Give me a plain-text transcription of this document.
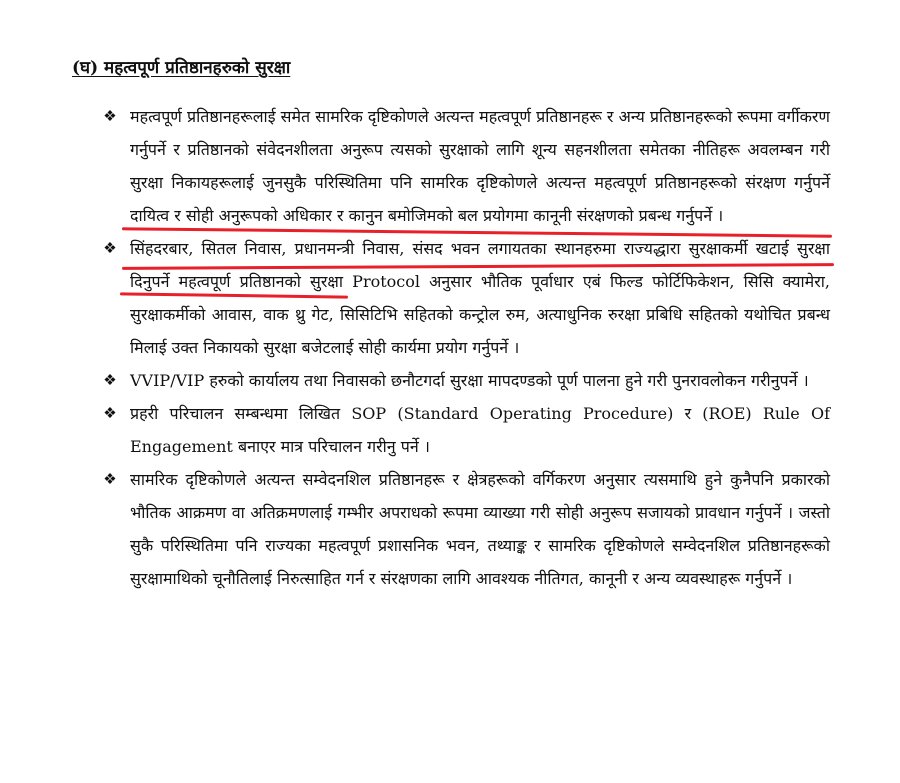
(घ) महत्वपूर्ण प्रतिष्ठानहरुको सुरक्षा
❖ महत्वपूर्ण प्रतिष्ठानहरूलाई समेत सामरिक दृष्टिकोणले अत्यन्त महत्वपूर्ण प्रतिष्ठानहरू र अन्य प्रतिष्ठानहरूको रूपमा वर्गीकरण गर्नुपर्ने र प्रतिष्ठानको संवेदनशीलता अनुरूप त्यसको सुरक्षाको लागि शून्य सहनशीलता समेतका नीतिहरू अवलम्बन गरी सुरक्षा निकायहरूलाई जुनसुकै परिस्थितिमा पनि सामरिक दृष्टिकोणले अत्यन्त महत्वपूर्ण प्रतिष्ठानहरूको संरक्षण गर्नुपर्ने दायित्व र सोही अनुरूपको अधिकार र कानुन बमोजिमको बल प्रयोगमा कानूनी संरक्षणको प्रबन्ध गर्नुपर्ने ।
❖ सिंहदरबार, सितल निवास, प्रधानमन्त्री निवास, संसद भवन लगायतका स्थानहरुमा राज्यद्धारा सुरक्षाकर्मी खटाई सुरक्षा दिनुपर्ने महत्वपूर्ण प्रतिष्ठानको सुरक्षा Protocol अनुसार भौतिक पूर्वाधार एबं फिल्ड फोर्टिफिकेशन, सिसि क्यामेरा, सुरक्षाकर्मीको आवास, वाक थ्रु गेट, सिसिटिभि सहितको कन्ट्रोल रुम, अत्याधुनिक रुरक्षा प्रबिधि सहितको यथोचित प्रबन्ध मिलाई उक्त निकायको सुरक्षा बजेटलाई सोही कार्यमा प्रयोग गर्नुपर्ने ।
❖ VVIP/VIP हरुको कार्यालय तथा निवासको छनौटगर्दा सुरक्षा मापदण्डको पूर्ण पालना हुने गरी पुनरावलोकन गरीनुपर्ने ।
❖ प्रहरी परिचालन सम्बन्धमा लिखित SOP (Standard Operating Procedure) र (ROE) Rule Of Engagement बनाएर मात्र परिचालन गरीनु पर्ने ।
❖ सामरिक दृष्टिकोणले अत्यन्त सम्वेदनशिल प्रतिष्ठानहरू र क्षेत्रहरूको वर्गिकरण अनुसार त्यसमाथि हुने कुनैपनि प्रकारको भौतिक आक्रमण वा अतिक्रमणलाई गम्भीर अपराधको रूपमा व्याख्या गरी सोही अनुरूप सजायको प्रावधान गर्नुपर्ने । जस्तो सुकै परिस्थितिमा पनि राज्यका महत्वपूर्ण प्रशासनिक भवन, तथ्याङ्क र सामरिक दृष्टिकोणले सम्वेदनशिल प्रतिष्ठानहरूको सुरक्षामाथिको चूनौतिलाई निरुत्साहित गर्न र संरक्षणका लागि आवश्यक नीतिगत, कानूनी र अन्य व्यवस्थाहरू गर्नुपर्ने ।
